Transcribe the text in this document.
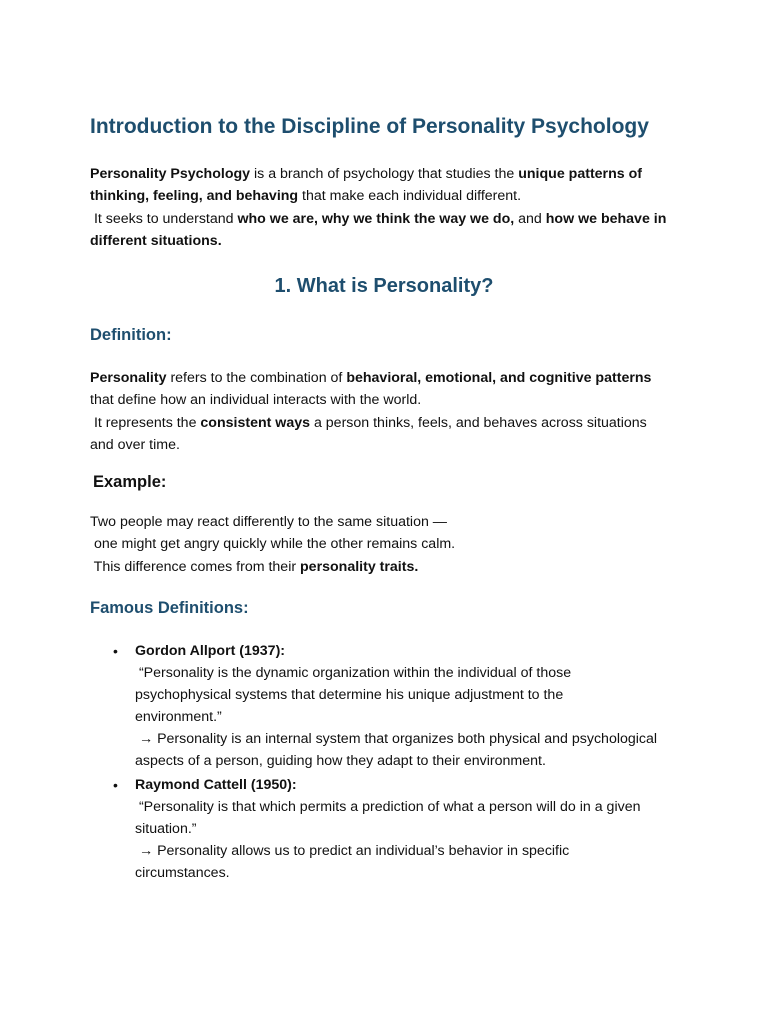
Introduction to the Discipline of Personality Psychology
Personality Psychology is a branch of psychology that studies the unique patterns of
thinking, feeling, and behaving that make each individual different.
It seeks to understand who we are, why we think the way we do, and how we behave in
different situations.
1. What is Personality?
Definition:
Personality refers to the combination of behavioral, emotional, and cognitive patterns
that define how an individual interacts with the world.
It represents the consistent ways a person thinks, feels, and behaves across situations
and over time.
Example:
Two people may react differently to the same situation —
one might get angry quickly while the other remains calm.
This difference comes from their personality traits.
Famous Definitions:
• Gordon Allport (1937):
“Personality is the dynamic organization within the individual of those
psychophysical systems that determine his unique adjustment to the
environment.”
→ Personality is an internal system that organizes both physical and psychological
aspects of a person, guiding how they adapt to their environment.
• Raymond Cattell (1950):
“Personality is that which permits a prediction of what a person will do in a given
situation.”
→ Personality allows us to predict an individual’s behavior in specific
circumstances.
